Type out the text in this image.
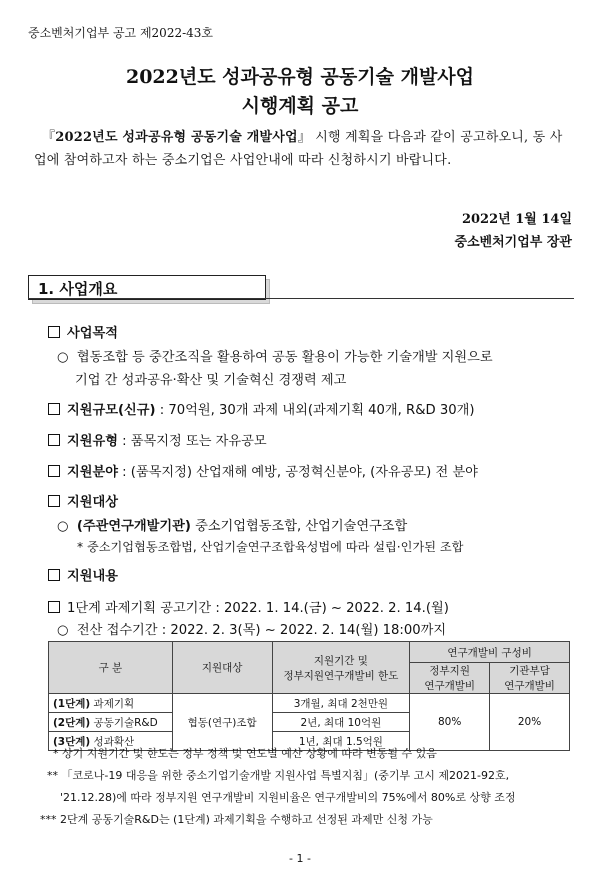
중소벤처기업부 공고 제2022-43호
2022년도 성과공유형 공동기술 개발사업
시행계획 공고
『2022년도 성과공유형 공동기술 개발사업』 시행 계획을 다음과 같이 공고하오니, 동 사업에 참여하고자 하는 중소기업은 사업안내에 따라 신청하시기 바랍니다.
2022년 1월 14일
중소벤처기업부 장관
1. 사업개요
사업목적
○ 협동조합 등 중간조직을 활용하여 공동 활용이 가능한 기술개발 지원으로
기업 간 성과공유·확산 및 기술혁신 경쟁력 제고
지원규모(신규) : 70억원, 30개 과제 내외(과제기획 40개, R&D 30개)
지원유형 : 품목지정 또는 자유공모
지원분야 : (품목지정) 산업재해 예방, 공정혁신분야, (자유공모) 전 분야
지원대상
○ (주관연구개발기관) 중소기업협동조합, 산업기술연구조합
* 중소기업협동조합법, 산업기술연구조합육성법에 따라 설립·인가된 조합
지원내용
1단계 과제기획 공고기간 : 2022. 1. 14.(금) ~ 2022. 2. 14.(월)
○ 전산 접수기간 : 2022. 2. 3(목) ~ 2022. 2. 14(월) 18:00까지
구 분	지원대상	지원기간 및
정부지원연구개발비 한도	연구개발비 구성비	
			정부지원
연구개발비	기관부담
연구개발비
(1단계) 과제기획	협동(연구)조합	3개월, 최대 2천만원	80%	20%
(2단계) 공동기술R&D		2년, 최대 10억원		
(3단계) 성과확산		1년, 최대 1.5억원		
* 상기 지원기간 및 한도는 정부 정책 및 연도별 예산 상황에 따라 변동될 수 있음
** 「코로나-19 대응을 위한 중소기업기술개발 지원사업 특별지침」(중기부 고시 제2021-92호,
'21.12.28)에 따라 정부지원 연구개발비 지원비율은 연구개발비의 75%에서 80%로 상향 조정
*** 2단계 공동기술R&D는 (1단계) 과제기획을 수행하고 선정된 과제만 신청 가능
- 1 -
